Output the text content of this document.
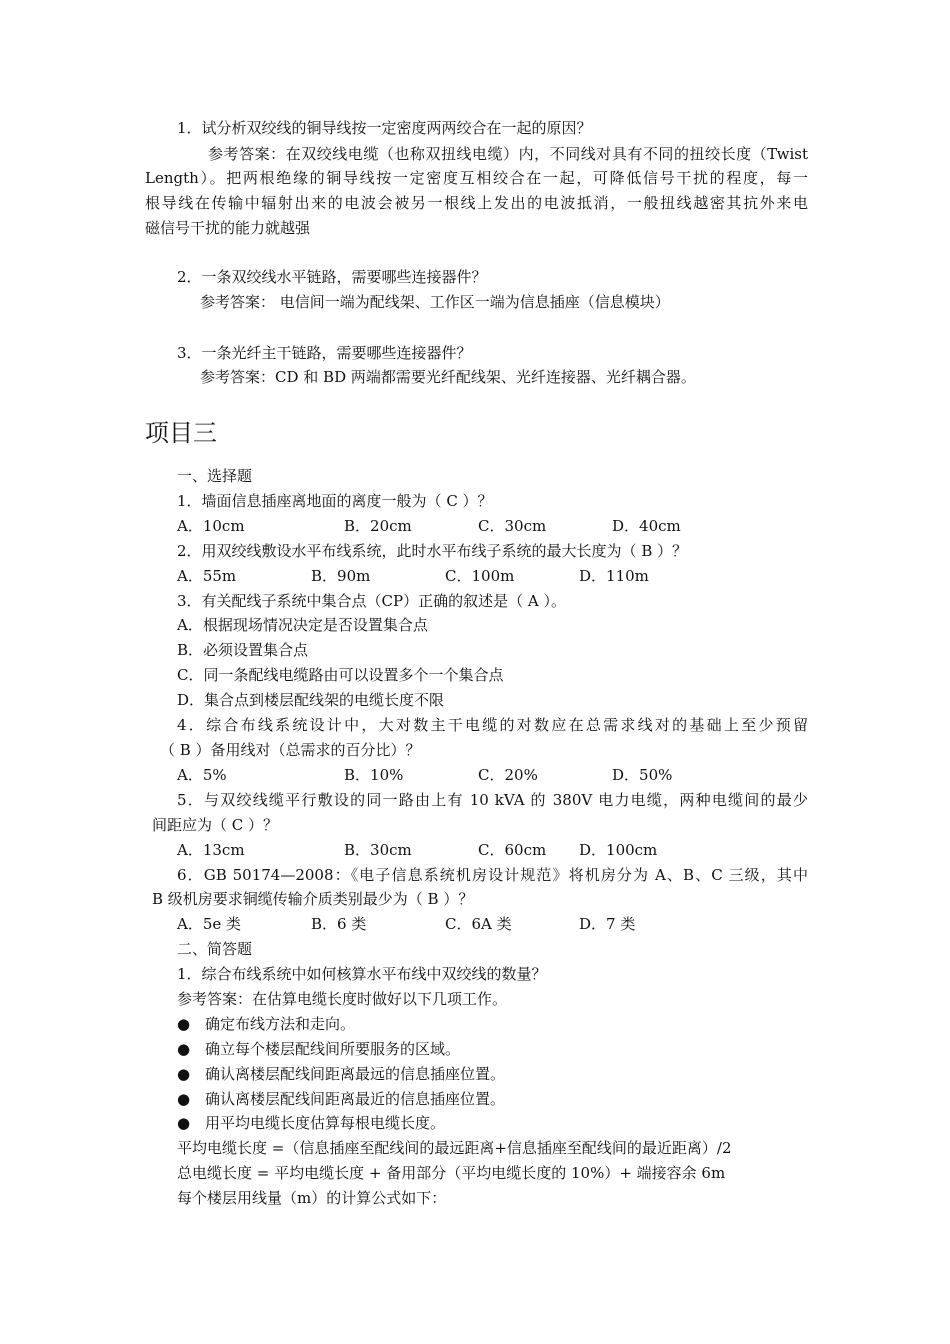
1．试分析双绞线的铜导线按一定密度两两绞合在一起的原因？
参考答案：在双绞线电缆（也称双扭线电缆）内，不同线对具有不同的扭绞长度（Twist
Length）。把两根绝缘的铜导线按一定密度互相绞合在一起，可降低信号干扰的程度，每一
根导线在传输中辐射出来的电波会被另一根线上发出的电波抵消，一般扭线越密其抗外来电
磁信号干扰的能力就越强
2．一条双绞线水平链路，需要哪些连接器件？
参考答案： 电信间一端为配线架、工作区一端为信息插座（信息模块）
3．一条光纤主干链路，需要哪些连接器件？
参考答案：CD 和 BD 两端都需要光纤配线架、光纤连接器、光纤耦合器。
项目三
一、选择题
1．墙面信息插座离地面的离度一般为（ C ）？
A．10cm	B．20cm	C．30cm	D．40cm
2．用双绞线敷设水平布线系统，此时水平布线子系统的最大长度为（ B ）？
A．55m	B．90m	C．100m	D．110m
3．有关配线子系统中集合点（CP）正确的叙述是（ A ）。
A．根据现场情况决定是否设置集合点
B．必须设置集合点
C．同一条配线电缆路由可以设置多个一个集合点
D．集合点到楼层配线架的电缆长度不限
4．综合布线系统设计中，大对数主干电缆的对数应在总需求线对的基础上至少预留
（ B ）备用线对（总需求的百分比）？
A．5%	B．10%	C．20%	D．50%
5．与双绞线缆平行敷设的同一路由上有 10 kVA 的 380V 电力电缆，两种电缆间的最少
间距应为（ C ）？
A．13cm	B．30cm	C．60cm D．100cm
6．GB 50174—2008：《电子信息系统机房设计规范》将机房分为 A、B、C 三级，其中
B 级机房要求铜缆传输介质类别最少为（ B ）？
A．5e 类	B．6 类	C．6A 类	D．7 类
二、简答题
1．综合布线系统中如何核算水平布线中双绞线的数量？
参考答案：在估算电缆长度时做好以下几项工作。
● 确定布线方法和走向。
● 确立每个楼层配线间所要服务的区域。
● 确认离楼层配线间距离最远的信息插座位置。
● 确认离楼层配线间距离最近的信息插座位置。
● 用平均电缆长度估算每根电缆长度。
平均电缆长度 =（信息插座至配线间的最远距离+信息插座至配线间的最近距离）/2
总电缆长度 = 平均电缆长度 + 备用部分（平均电缆长度的 10%）+ 端接容余 6m
每个楼层用线量（m）的计算公式如下：
